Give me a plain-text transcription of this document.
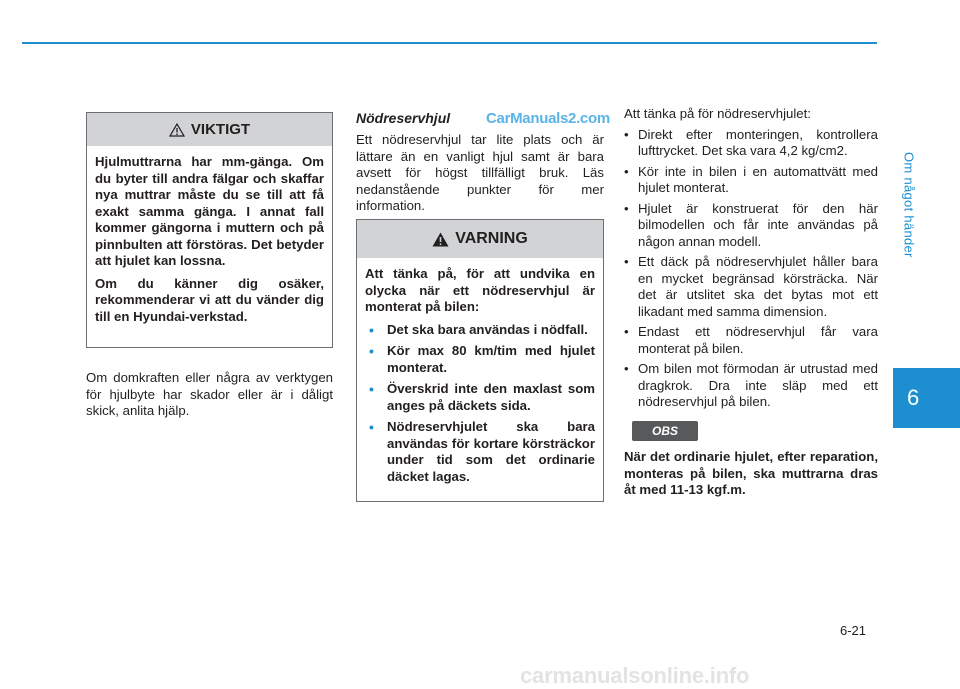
Om något händer
6
VIKTIGT

Hjulmuttrarna har mm-gänga. Om du byter till andra fälgar och skaffar nya muttrar måste du se till att få exakt samma gänga. I annat fall kommer gängorna i muttern och på pinnbulten att förstöras. Det betyder att hjulet kan lossna.

Om du känner dig osäker, rekommenderar vi att du vänder dig till en Hyundai-verkstad.

Om domkraften eller några av verktygen för hjulbyte har skador eller är i dåligt skick, anlita hjälp.
Nödreservhjul CarManuals2.com
Ett nödreservhjul tar lite plats och är lättare än en vanligt hjul samt är bara avsett för högst tillfälligt bruk. Läs nedanstående punkter för mer information.
VARNING

Att tänka på, för att undvika en olycka när ett nödreservhjul är monterat på bilen:

• Det ska bara användas i nödfall.
• Kör max 80 km/tim med hjulet monterat.
• Överskrid inte den maxlast som anges på däckets sida.
• Nödreservhjulet ska bara användas för kortare körsträckor under tid som det ordinarie däcket lagas.

Att tänka på för nödreservhjulet:

• Direkt efter monteringen, kontrollera lufttrycket. Det ska vara 4,2 kg/cm2.
• Kör inte in bilen i en automattvätt med hjulet monterat.
• Hjulet är konstruerat för den här bilmodellen och får inte användas på någon annan modell.
• Ett däck på nödreservhjulet håller bara en mycket begränsad körsträcka. När det är utslitet ska det bytas mot ett likadant med samma dimension.
• Endast ett nödreservhjul får vara monterat på bilen.
• Om bilen mot förmodan är utrustad med dragkrok. Dra inte släp med ett nödreservhjul på bilen.
OBS

När det ordinarie hjulet, efter reparation, monteras på bilen, ska muttrarna dras åt med 11-13 kgf.m.

6-21
carmanualsonline.info
